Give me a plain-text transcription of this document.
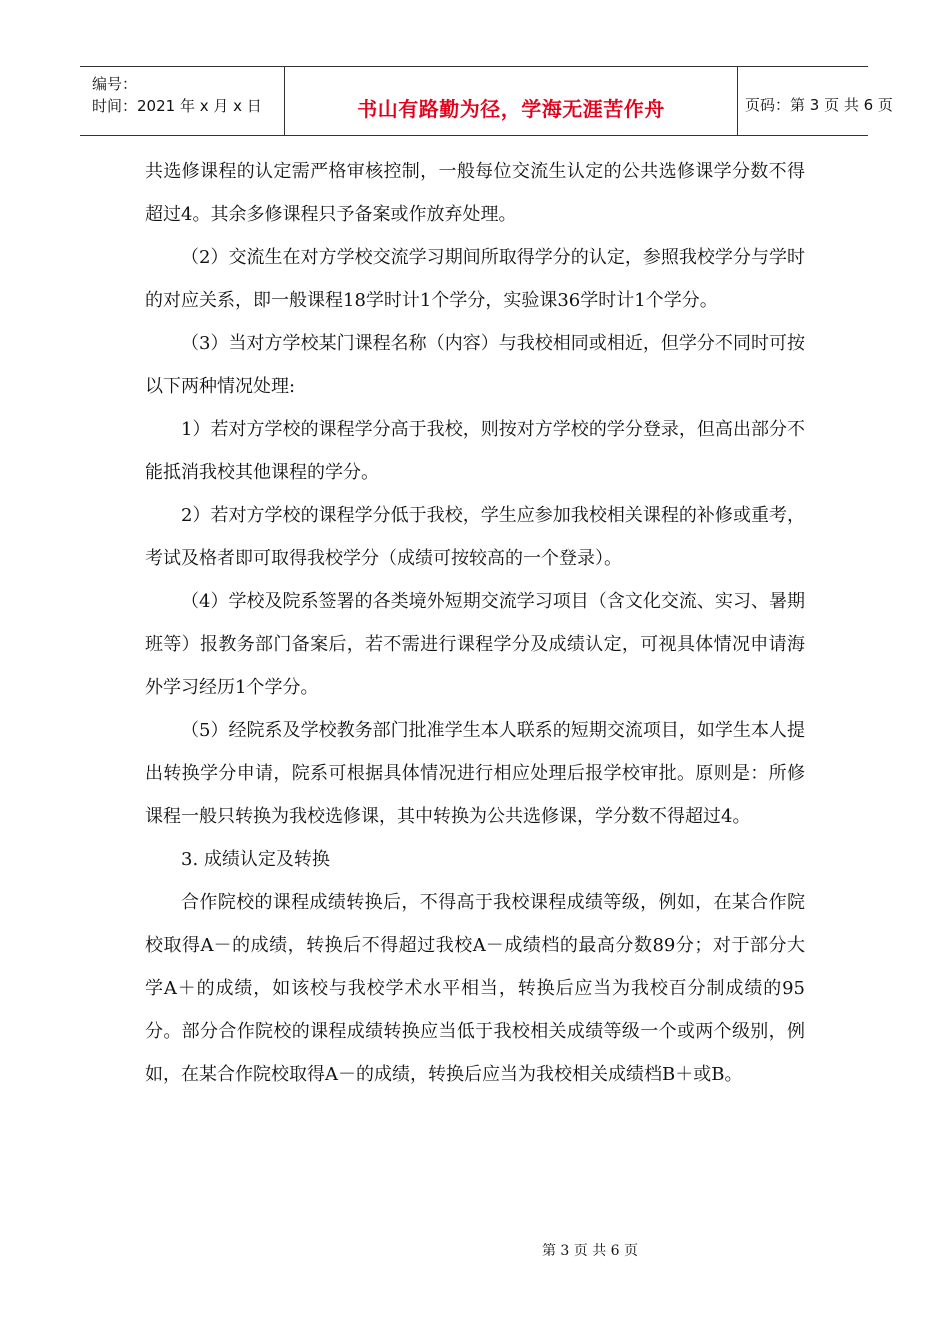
编号：
时间：2021 年 x 月 x 日	书山有路勤为径，学海无涯苦作舟	页码：第 3 页 共 6 页

共选修课程的认定需严格审核控制，一般每位交流生认定的公共选修课学分数不得超过4。其余多修课程只予备案或作放弃处理。

（2）交流生在对方学校交流学习期间所取得学分的认定，参照我校学分与学时的对应关系，即一般课程18学时计1个学分，实验课36学时计1个学分。

（3）当对方学校某门课程名称（内容）与我校相同或相近，但学分不同时可按以下两种情况处理:

1）若对方学校的课程学分高于我校，则按对方学校的学分登录，但高出部分不能抵消我校其他课程的学分。

2）若对方学校的课程学分低于我校，学生应参加我校相关课程的补修或重考，考试及格者即可取得我校学分（成绩可按较高的一个登录）。

（4）学校及院系签署的各类境外短期交流学习项目（含文化交流、实习、暑期班等）报教务部门备案后，若不需进行课程学分及成绩认定，可视具体情况申请海外学习经历1个学分。

（5）经院系及学校教务部门批准学生本人联系的短期交流项目，如学生本人提出转换学分申请，院系可根据具体情况进行相应处理后报学校审批。原则是：所修课程一般只转换为我校选修课，其中转换为公共选修课，学分数不得超过4。

3. 成绩认定及转换

合作院校的课程成绩转换后，不得高于我校课程成绩等级，例如，在某合作院校取得A－的成绩，转换后不得超过我校A－成绩档的最高分数89分；对于部分大学A＋的成绩，如该校与我校学术水平相当，转换后应当为我校百分制成绩的95分。部分合作院校的课程成绩转换应当低于我校相关成绩等级一个或两个级别，例如，在某合作院校取得A－的成绩，转换后应当为我校相关成绩档B＋或B。

第 3 页 共 6 页
